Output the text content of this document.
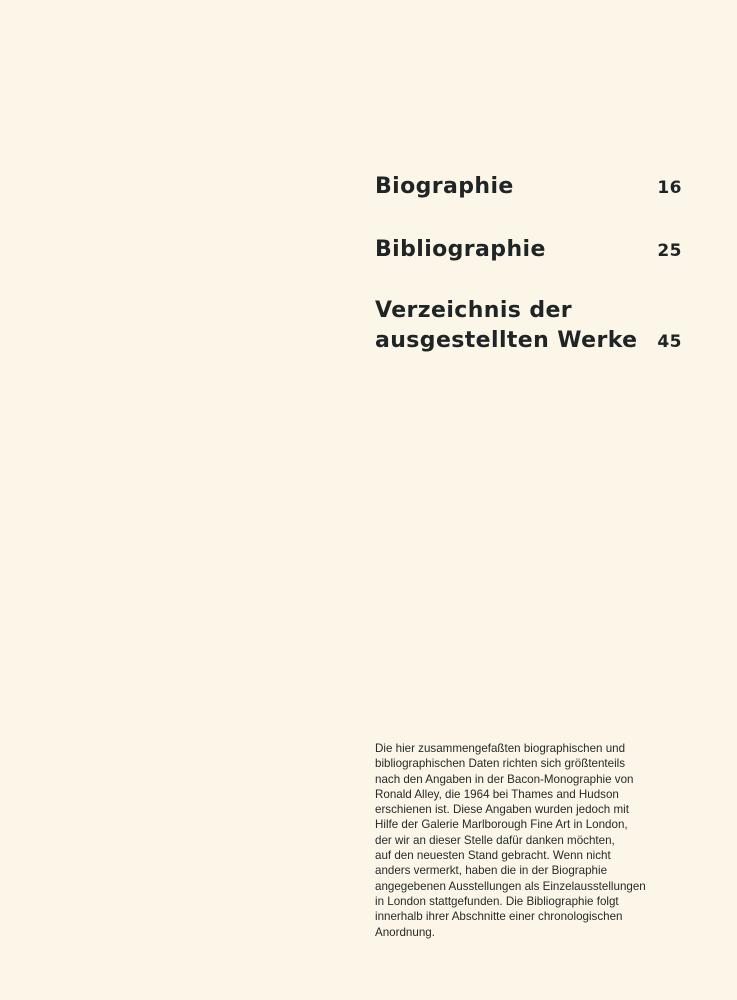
Biographie	16
Bibliographie	25
Verzeichnis der
ausgestellten Werke	45

Die hier zusammengefaßten biographischen und
bibliographischen Daten richten sich größtenteils
nach den Angaben in der Bacon-Monographie von
Ronald Alley, die 1964 bei Thames and Hudson
erschienen ist. Diese Angaben wurden jedoch mit
Hilfe der Galerie Marlborough Fine Art in London,
der wir an dieser Stelle dafür danken möchten,
auf den neuesten Stand gebracht. Wenn nicht
anders vermerkt, haben die in der Biographie
angegebenen Ausstellungen als Einzelausstellungen
in London stattgefunden. Die Bibliographie folgt
innerhalb ihrer Abschnitte einer chronologischen
Anordnung.
